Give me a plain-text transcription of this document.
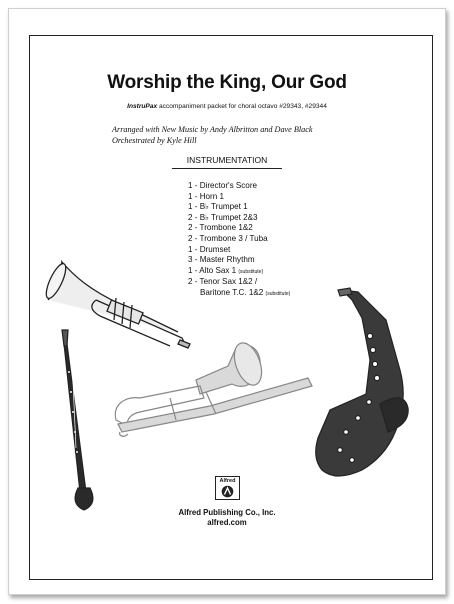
Worship the King, Our God
InstruPax accompaniment packet for choral octavo #29343, #29344
Arranged with New Music by Andy Albritton and Dave Black
Orchestrated by Kyle Hill
INSTRUMENTATION
1 - Director's Score
1 - Horn 1
1 - B♭ Trumpet 1
2 - B♭ Trumpet 2&3
2 - Trombone 1&2
2 - Trombone 3 / Tuba
1 - Drumset
3 - Master Rhythm
1 - Alto Sax 1 (substitute)
2 - Tenor Sax 1&2 /
Baritone T.C. 1&2 (substitute)
Alfred
Alfred Publishing Co., Inc.
alfred.com
